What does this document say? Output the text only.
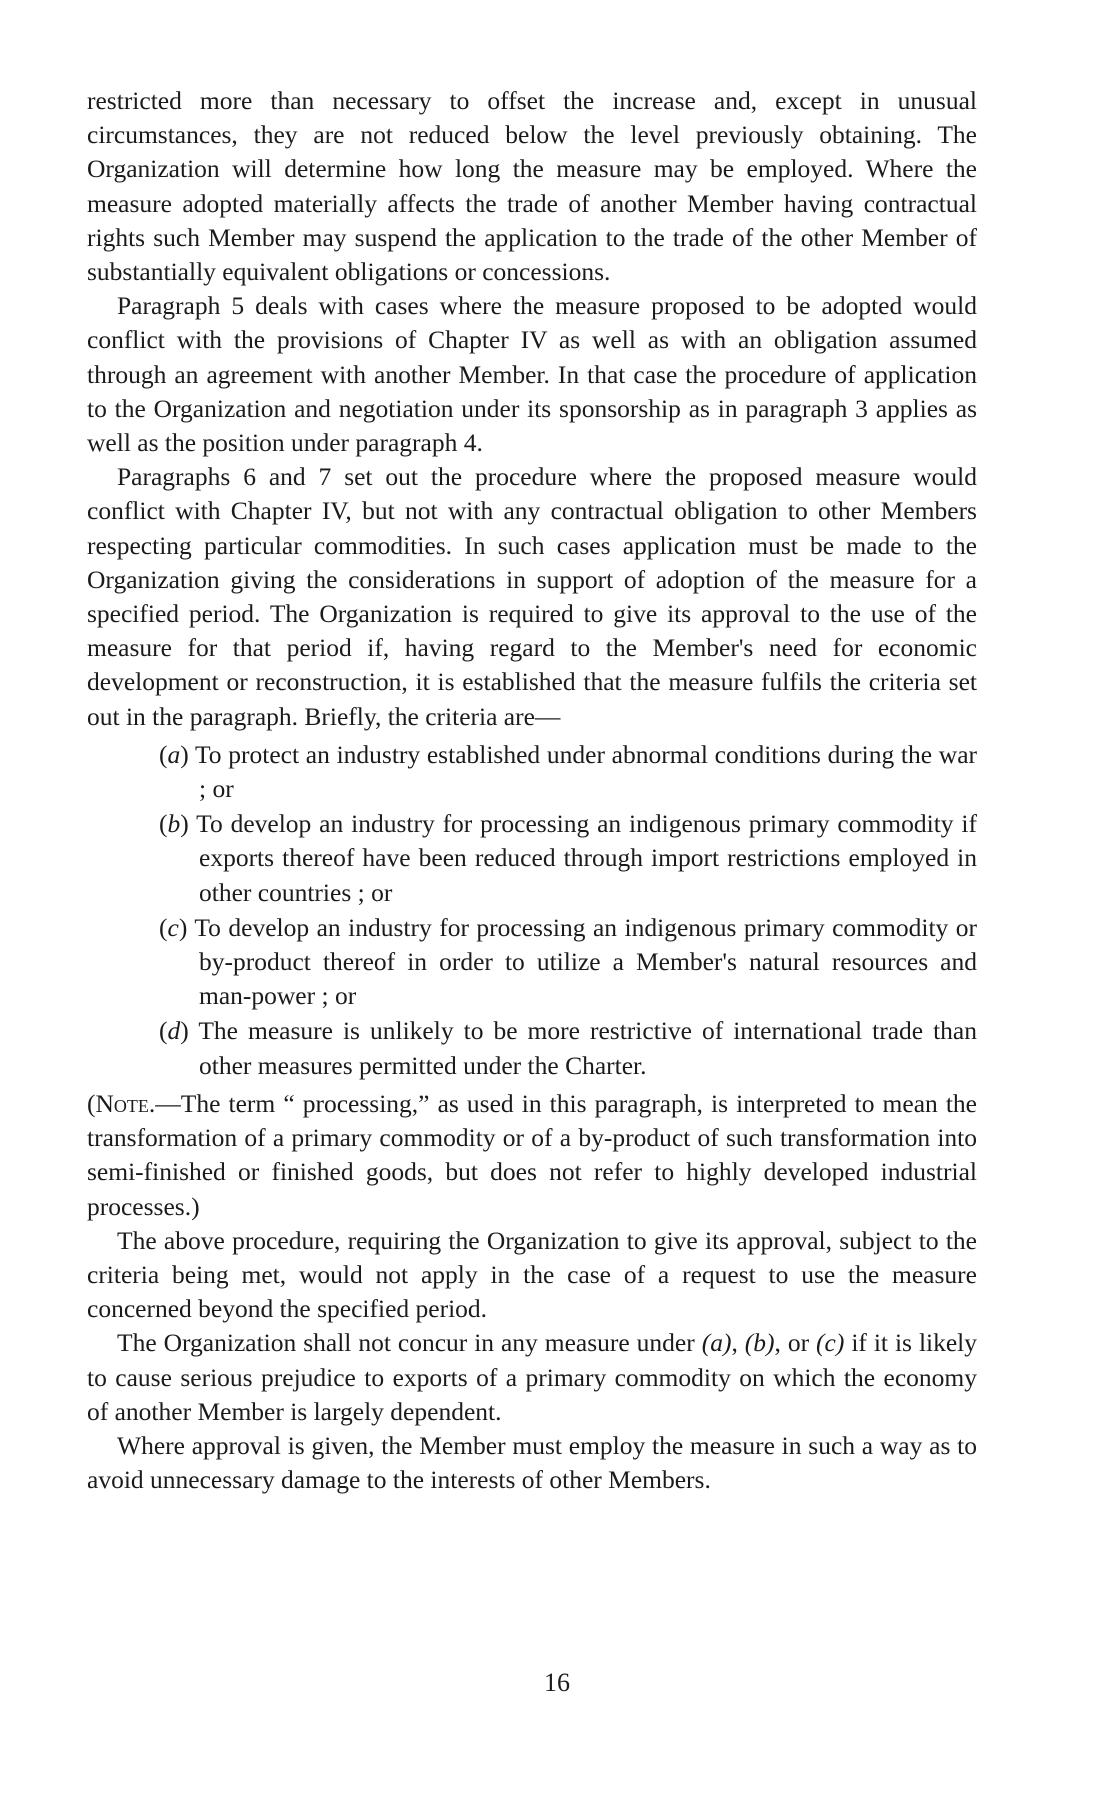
restricted more than necessary to offset the increase and, except in unusual circumstances, they are not reduced below the level previously obtaining. The Organization will determine how long the measure may be employed. Where the measure adopted materially affects the trade of another Member having contractual rights such Member may suspend the application to the trade of the other Member of substantially equivalent obligations or concessions.

Paragraph 5 deals with cases where the measure proposed to be adopted would conflict with the provisions of Chapter IV as well as with an obligation assumed through an agreement with another Member. In that case the procedure of application to the Organization and negotiation under its sponsorship as in paragraph 3 applies as well as the position under paragraph 4.

Paragraphs 6 and 7 set out the procedure where the proposed measure would conflict with Chapter IV, but not with any contractual obligation to other Members respecting particular commodities. In such cases application must be made to the Organization giving the considerations in support of adoption of the measure for a specified period. The Organization is required to give its approval to the use of the measure for that period if, having regard to the Member's need for economic development or reconstruction, it is established that the measure fulfils the criteria set out in the paragraph. Briefly, the criteria are—

(a) To protect an industry established under abnormal conditions during the war ; or
(b) To develop an industry for processing an indigenous primary commodity if exports thereof have been reduced through import restrictions employed in other countries ; or
(c) To develop an industry for processing an indigenous primary commodity or by-product thereof in order to utilize a Member's natural resources and man-power ; or
(d) The measure is unlikely to be more restrictive of international trade than other measures permitted under the Charter.

(Note.—The term “ processing,” as used in this paragraph, is interpreted to mean the transformation of a primary commodity or of a by-product of such transformation into semi-finished or finished goods, but does not refer to highly developed industrial processes.)

The above procedure, requiring the Organization to give its approval, subject to the criteria being met, would not apply in the case of a request to use the measure concerned beyond the specified period.

The Organization shall not concur in any measure under (a), (b), or (c) if it is likely to cause serious prejudice to exports of a primary commodity on which the economy of another Member is largely dependent.

Where approval is given, the Member must employ the measure in such a way as to avoid unnecessary damage to the interests of other Members.

16
